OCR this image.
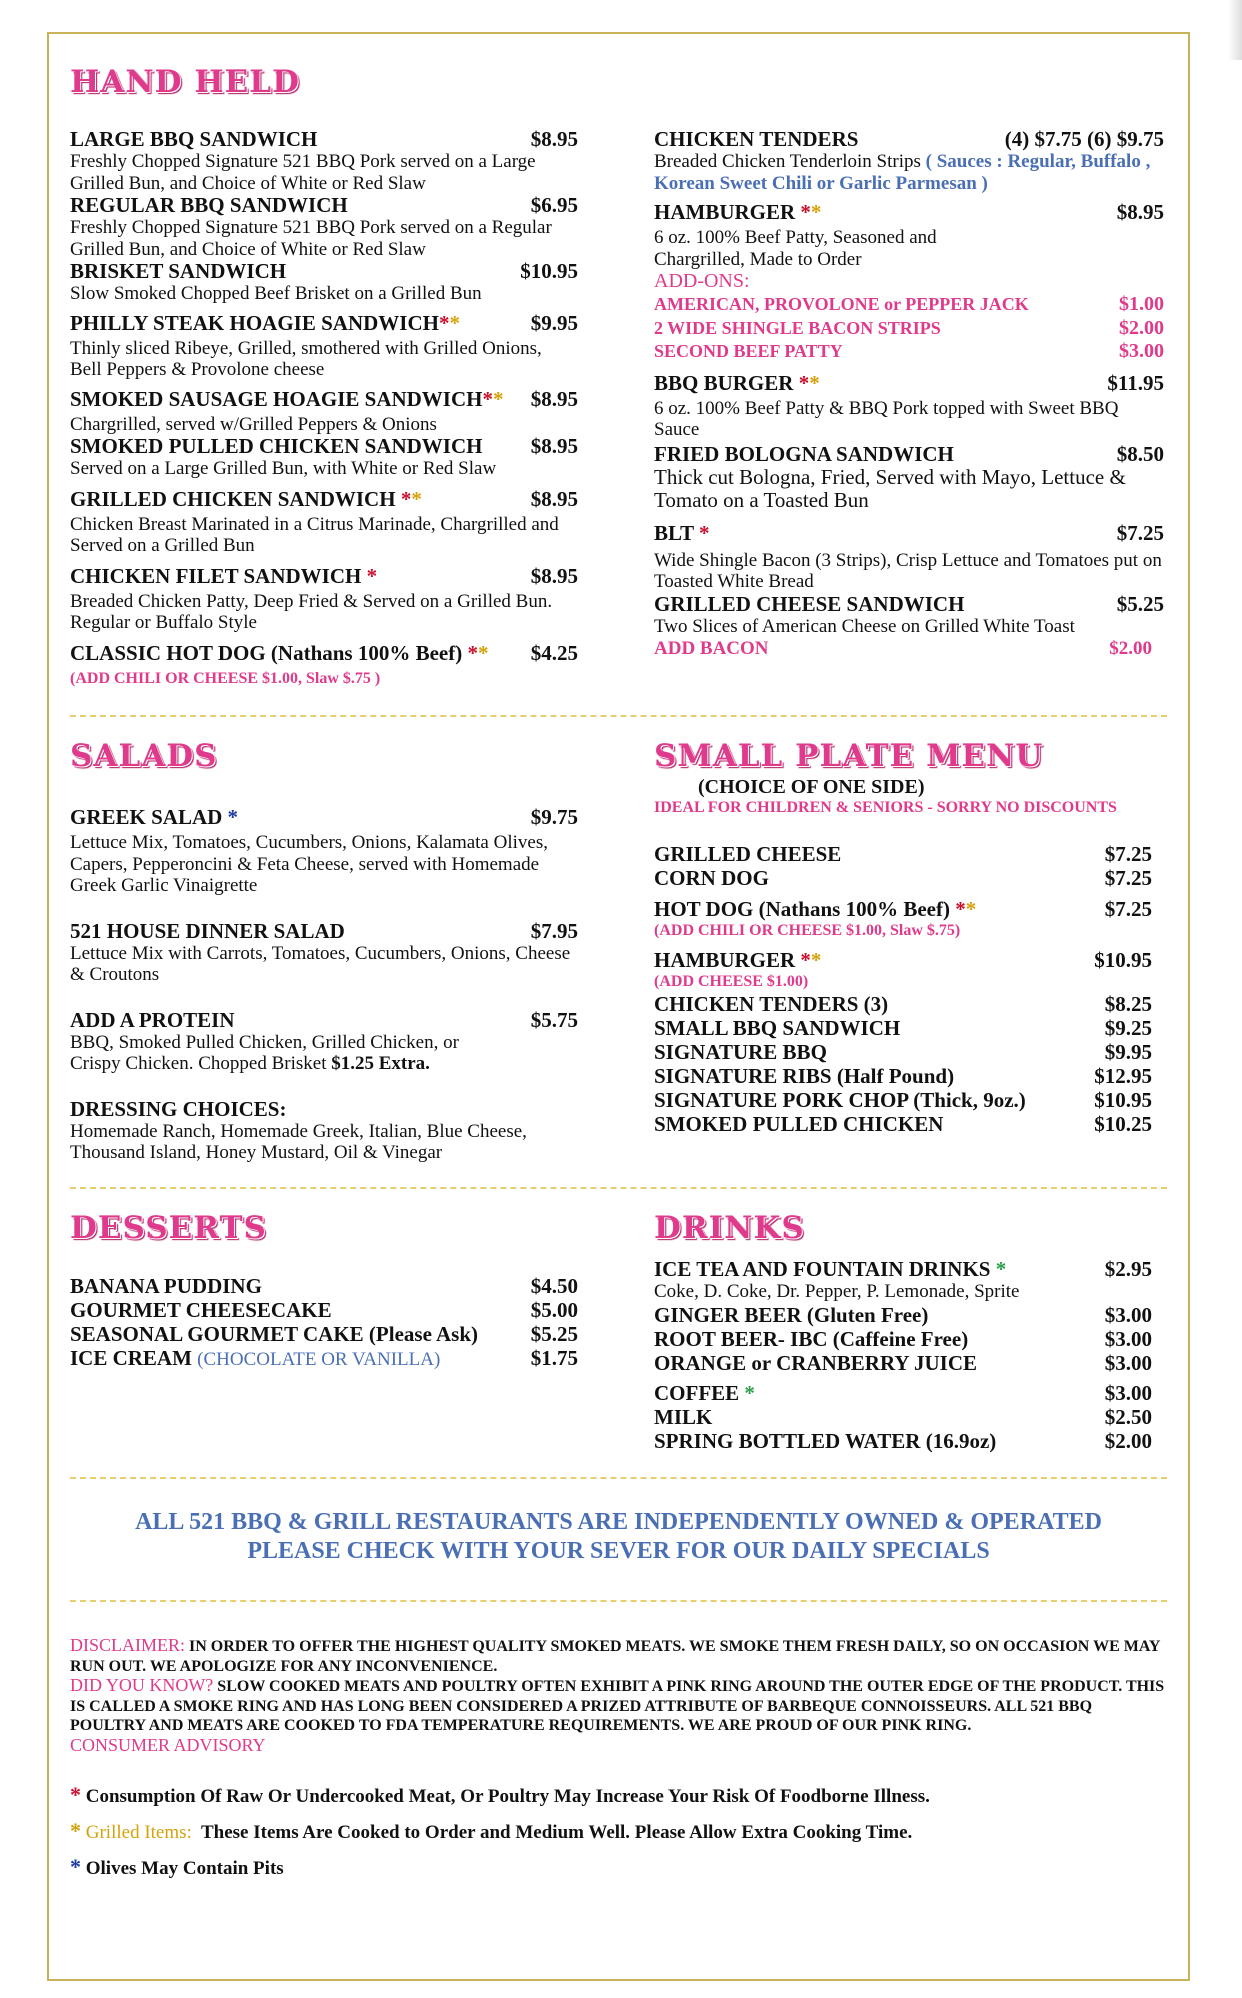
HAND HELD
LARGE BBQ SANDWICH	$8.95
Freshly Chopped Signature 521 BBQ Pork served on a Large Grilled Bun, and Choice of White or Red Slaw
REGULAR BBQ SANDWICH	$6.95
Freshly Chopped Signature 521 BBQ Pork served on a Regular Grilled Bun, and Choice of White or Red Slaw
BRISKET SANDWICH	$10.95
Slow Smoked Chopped Beef Brisket on a Grilled Bun
PHILLY STEAK HOAGIE SANDWICH**	$9.95
Thinly sliced Ribeye, Grilled, smothered with Grilled Onions, Bell Peppers & Provolone cheese
SMOKED SAUSAGE HOAGIE SANDWICH** $8.95
Chargrilled, served w/Grilled Peppers & Onions
SMOKED PULLED CHICKEN SANDWICH $8.95
Served on a Large Grilled Bun, with White or Red Slaw
GRILLED CHICKEN SANDWICH **	$8.95
Chicken Breast Marinated in a Citrus Marinade, Chargrilled and Served on a Grilled Bun
CHICKEN FILET SANDWICH *	$8.95
Breaded Chicken Patty, Deep Fried & Served on a Grilled Bun. Regular or Buffalo Style
CLASSIC HOT DOG (Nathans 100% Beef) ** $4.25
(ADD CHILI OR CHEESE $1.00, Slaw $.75 )
CHICKEN TENDERS	(4) $7.75 (6) $9.75
Breaded Chicken Tenderloin Strips ( Sauces : Regular, Buffalo , Korean Sweet Chili or Garlic Parmesan )
HAMBURGER **	$8.95
6 oz. 100% Beef Patty, Seasoned and Chargrilled, Made to Order
ADD-ONS:
AMERICAN, PROVOLONE or PEPPER JACK	$1.00
2 WIDE SHINGLE BACON STRIPS	$2.00
SECOND BEEF PATTY	$3.00
BBQ BURGER **	$11.95
6 oz. 100% Beef Patty & BBQ Pork topped with Sweet BBQ Sauce
FRIED BOLOGNA SANDWICH	$8.50
Thick cut Bologna, Fried, Served with Mayo, Lettuce & Tomato on a Toasted Bun
BLT *	$7.25
Wide Shingle Bacon (3 Strips), Crisp Lettuce and Tomatoes put on Toasted White Bread
GRILLED CHEESE SANDWICH	$5.25
Two Slices of American Cheese on Grilled White Toast
ADD BACON	$2.00
SALADS
GREEK SALAD *	$9.75
Lettuce Mix, Tomatoes, Cucumbers, Onions, Kalamata Olives, Capers, Pepperoncini & Feta Cheese, served with Homemade Greek Garlic Vinaigrette
521 HOUSE DINNER SALAD	$7.95
Lettuce Mix with Carrots, Tomatoes, Cucumbers, Onions, Cheese & Croutons
ADD A PROTEIN	$5.75
BBQ, Smoked Pulled Chicken, Grilled Chicken, or Crispy Chicken. Chopped Brisket $1.25 Extra.
DRESSING CHOICES:
Homemade Ranch, Homemade Greek, Italian, Blue Cheese, Thousand Island, Honey Mustard, Oil & Vinegar
SMALL PLATE MENU
(CHOICE OF ONE SIDE)
IDEAL FOR CHILDREN & SENIORS - SORRY NO DISCOUNTS
GRILLED CHEESE	$7.25
CORN DOG	$7.25
HOT DOG (Nathans 100% Beef) **	$7.25
(ADD CHILI OR CHEESE $1.00, Slaw $.75)
HAMBURGER **	$10.95
(ADD CHEESE $1.00)
CHICKEN TENDERS (3)	$8.25
SMALL BBQ SANDWICH	$9.25
SIGNATURE BBQ	$9.95
SIGNATURE RIBS (Half Pound)	$12.95
SIGNATURE PORK CHOP (Thick, 9oz.)	$10.95
SMOKED PULLED CHICKEN	$10.25
DESSERTS
BANANA PUDDING	$4.50
GOURMET CHEESECAKE	$5.00
SEASONAL GOURMET CAKE (Please Ask)	$5.25
ICE CREAM (CHOCOLATE OR VANILLA)	$1.75
DRINKS
ICE TEA AND FOUNTAIN DRINKS *	$2.95
Coke, D. Coke, Dr. Pepper, P. Lemonade, Sprite
GINGER BEER (Gluten Free)	$3.00
ROOT BEER- IBC (Caffeine Free)	$3.00
ORANGE or CRANBERRY JUICE	$3.00
COFFEE *	$3.00
MILK	$2.50
SPRING BOTTLED WATER (16.9oz)	$2.00
ALL 521 BBQ & GRILL RESTAURANTS ARE INDEPENDENTLY OWNED & OPERATED
PLEASE CHECK WITH YOUR SEVER FOR OUR DAILY SPECIALS
DISCLAIMER: IN ORDER TO OFFER THE HIGHEST QUALITY SMOKED MEATS. WE SMOKE THEM FRESH DAILY, SO ON OCCASION WE MAY RUN OUT. WE APOLOGIZE FOR ANY INCONVENIENCE.
DID YOU KNOW? SLOW COOKED MEATS AND POULTRY OFTEN EXHIBIT A PINK RING AROUND THE OUTER EDGE OF THE PRODUCT. THIS IS CALLED A SMOKE RING AND HAS LONG BEEN CONSIDERED A PRIZED ATTRIBUTE OF BARBEQUE CONNOISSEURS. ALL 521 BBQ POULTRY AND MEATS ARE COOKED TO FDA TEMPERATURE REQUIREMENTS. WE ARE PROUD OF OUR PINK RING.
CONSUMER ADVISORY
* Consumption Of Raw Or Undercooked Meat, Or Poultry May Increase Your Risk Of Foodborne Illness.
* Grilled Items: These Items Are Cooked to Order and Medium Well. Please Allow Extra Cooking Time.
* Olives May Contain Pits
